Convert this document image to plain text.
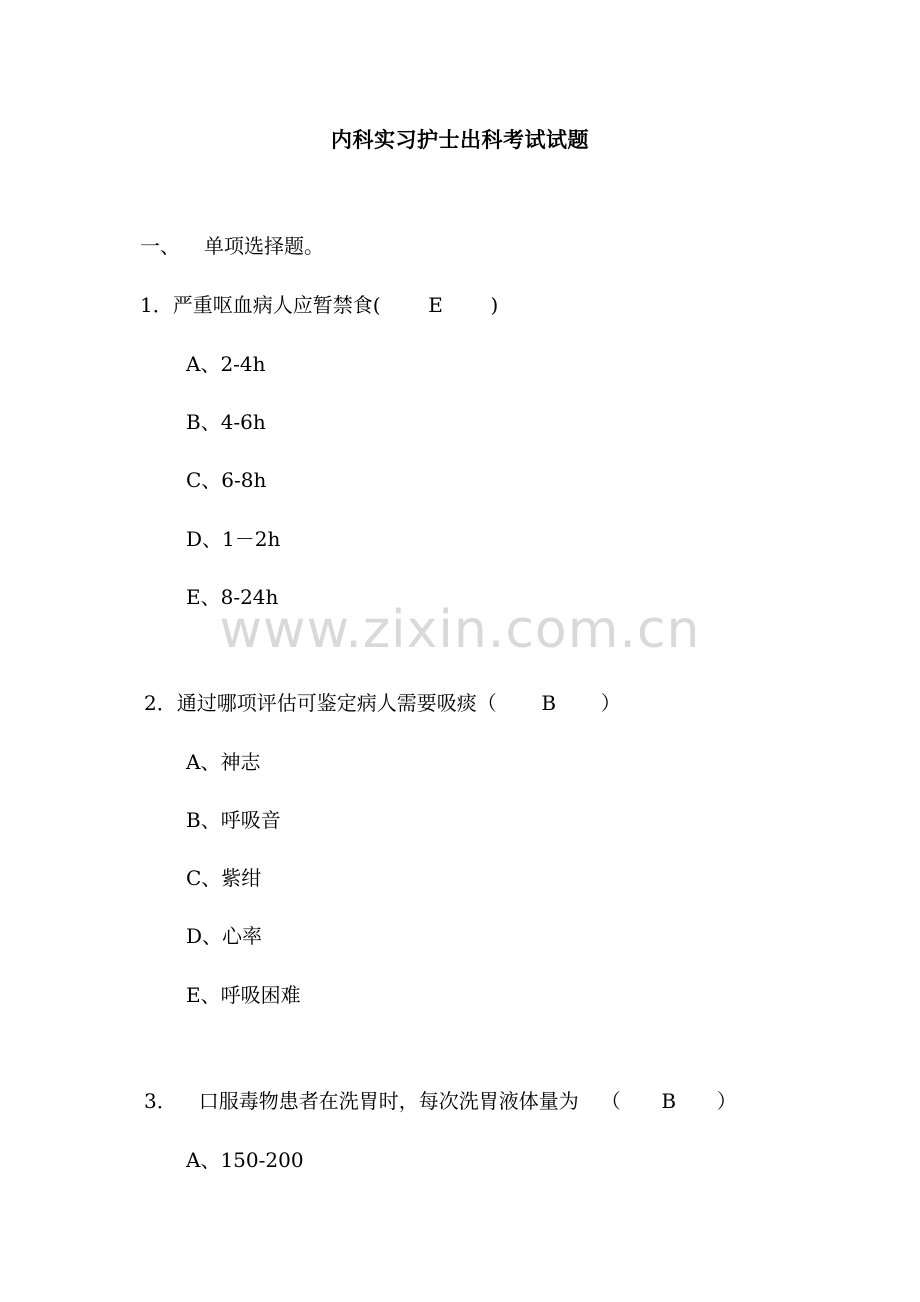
内科实习护士出科考试试题
一、 单项选择题。
1．严重呕血病人应暂禁食( E )
A、2-4h
B、4-6h
C、6-8h
D、1－2h
E、8-24h
www.zixin.com.cn
2．通过哪项评估可鉴定病人需要吸痰（ B ）
A、神志
B、呼吸音
C、紫绀
D、心率
E、呼吸困难
3． 口服毒物患者在洗胃时，每次洗胃液体量为 （ B ）
A、150-200
